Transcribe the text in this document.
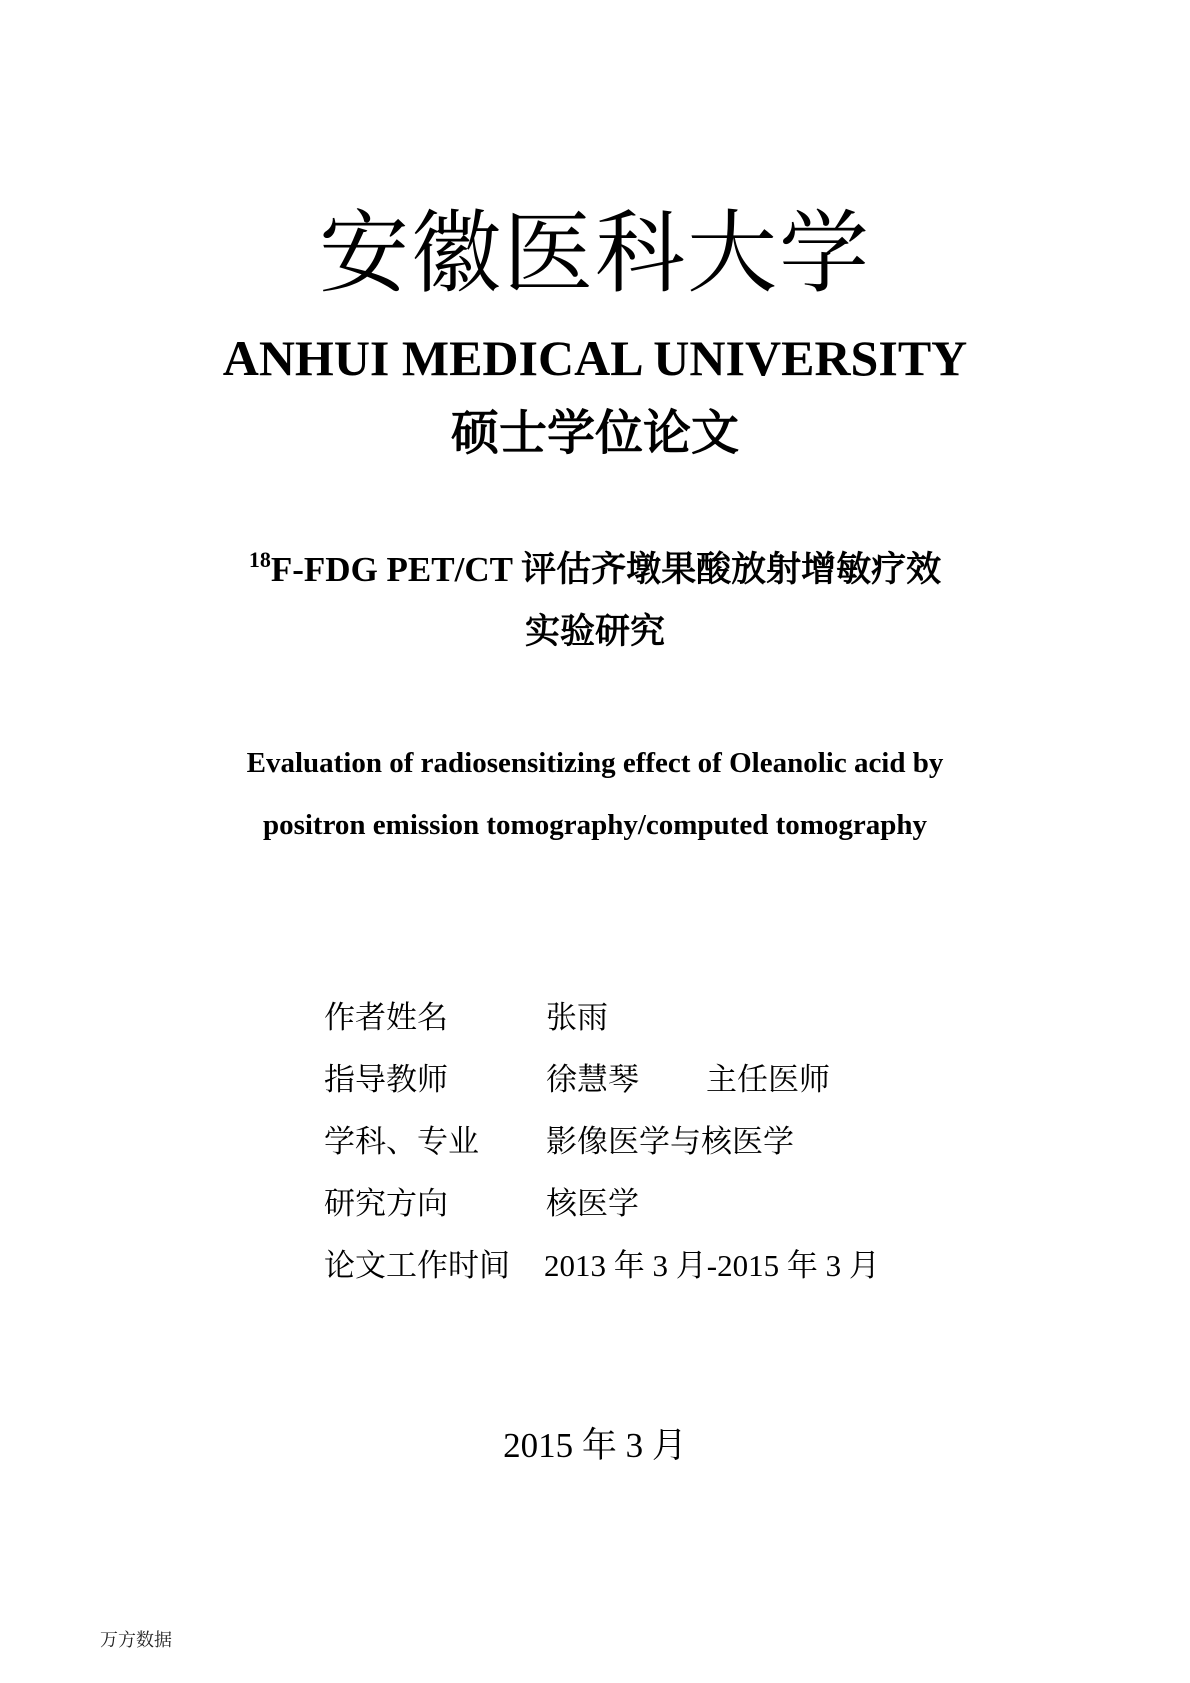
安徽医科大学
ANHUI MEDICAL UNIVERSITY
硕士学位论文
$^{18}$F-FDG PET/CT 评估齐墩果酸放射增敏疗效
实验研究
Evaluation of radiosensitizing effect of Oleanolic acid by
positron emission tomography/computed tomography
作者姓名	张雨
指导教师	徐慧琴 主任医师
学科、专业 影像医学与核医学
研究方向	核医学
论文工作时间 2013 年 3 月-2015 年 3 月
2015 年 3 月
万方数据
